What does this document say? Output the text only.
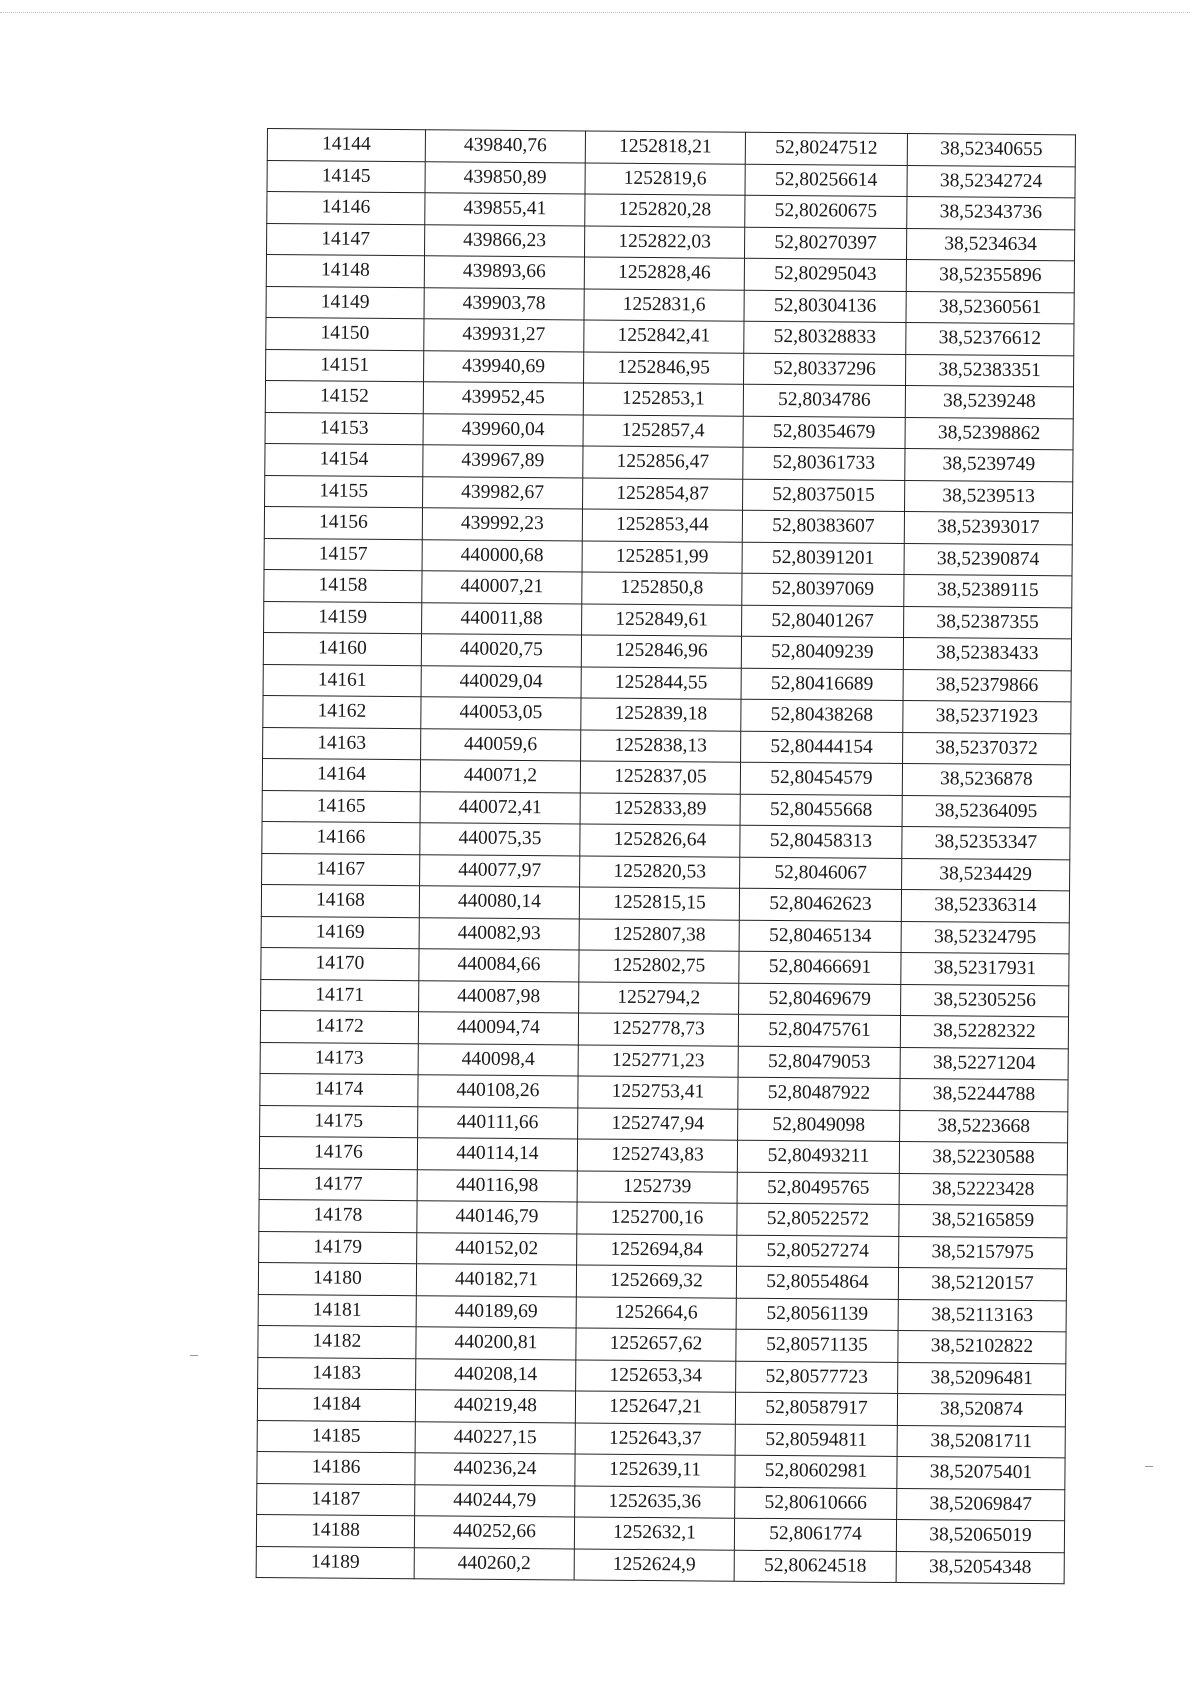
14144	439840,76	1252818,21	52,80247512	38,52340655
14145	439850,89	1252819,6	52,80256614	38,52342724
14146	439855,41	1252820,28	52,80260675	38,52343736
14147	439866,23	1252822,03	52,80270397	38,5234634
14148	439893,66	1252828,46	52,80295043	38,52355896
14149	439903,78	1252831,6	52,80304136	38,52360561
14150	439931,27	1252842,41	52,80328833	38,52376612
14151	439940,69	1252846,95	52,80337296	38,52383351
14152	439952,45	1252853,1	52,8034786	38,5239248
14153	439960,04	1252857,4	52,80354679	38,52398862
14154	439967,89	1252856,47	52,80361733	38,5239749
14155	439982,67	1252854,87	52,80375015	38,5239513
14156	439992,23	1252853,44	52,80383607	38,52393017
14157	440000,68	1252851,99	52,80391201	38,52390874
14158	440007,21	1252850,8	52,80397069	38,52389115
14159	440011,88	1252849,61	52,80401267	38,52387355
14160	440020,75	1252846,96	52,80409239	38,52383433
14161	440029,04	1252844,55	52,80416689	38,52379866
14162	440053,05	1252839,18	52,80438268	38,52371923
14163	440059,6	1252838,13	52,80444154	38,52370372
14164	440071,2	1252837,05	52,80454579	38,5236878
14165	440072,41	1252833,89	52,80455668	38,52364095
14166	440075,35	1252826,64	52,80458313	38,52353347
14167	440077,97	1252820,53	52,8046067	38,5234429
14168	440080,14	1252815,15	52,80462623	38,52336314
14169	440082,93	1252807,38	52,80465134	38,52324795
14170	440084,66	1252802,75	52,80466691	38,52317931
14171	440087,98	1252794,2	52,80469679	38,52305256
14172	440094,74	1252778,73	52,80475761	38,52282322
14173	440098,4	1252771,23	52,80479053	38,52271204
14174	440108,26	1252753,41	52,80487922	38,52244788
14175	440111,66	1252747,94	52,8049098	38,5223668
14176	440114,14	1252743,83	52,80493211	38,52230588
14177	440116,98	1252739	52,80495765	38,52223428
14178	440146,79	1252700,16	52,80522572	38,52165859
14179	440152,02	1252694,84	52,80527274	38,52157975
14180	440182,71	1252669,32	52,80554864	38,52120157
14181	440189,69	1252664,6	52,80561139	38,52113163
14182	440200,81	1252657,62	52,80571135	38,52102822
14183	440208,14	1252653,34	52,80577723	38,52096481
14184	440219,48	1252647,21	52,80587917	38,520874
14185	440227,15	1252643,37	52,80594811	38,52081711
14186	440236,24	1252639,11	52,80602981	38,52075401
14187	440244,79	1252635,36	52,80610666	38,52069847
14188	440252,66	1252632,1	52,8061774	38,52065019
14189	440260,2	1252624,9	52,80624518	38,52054348
